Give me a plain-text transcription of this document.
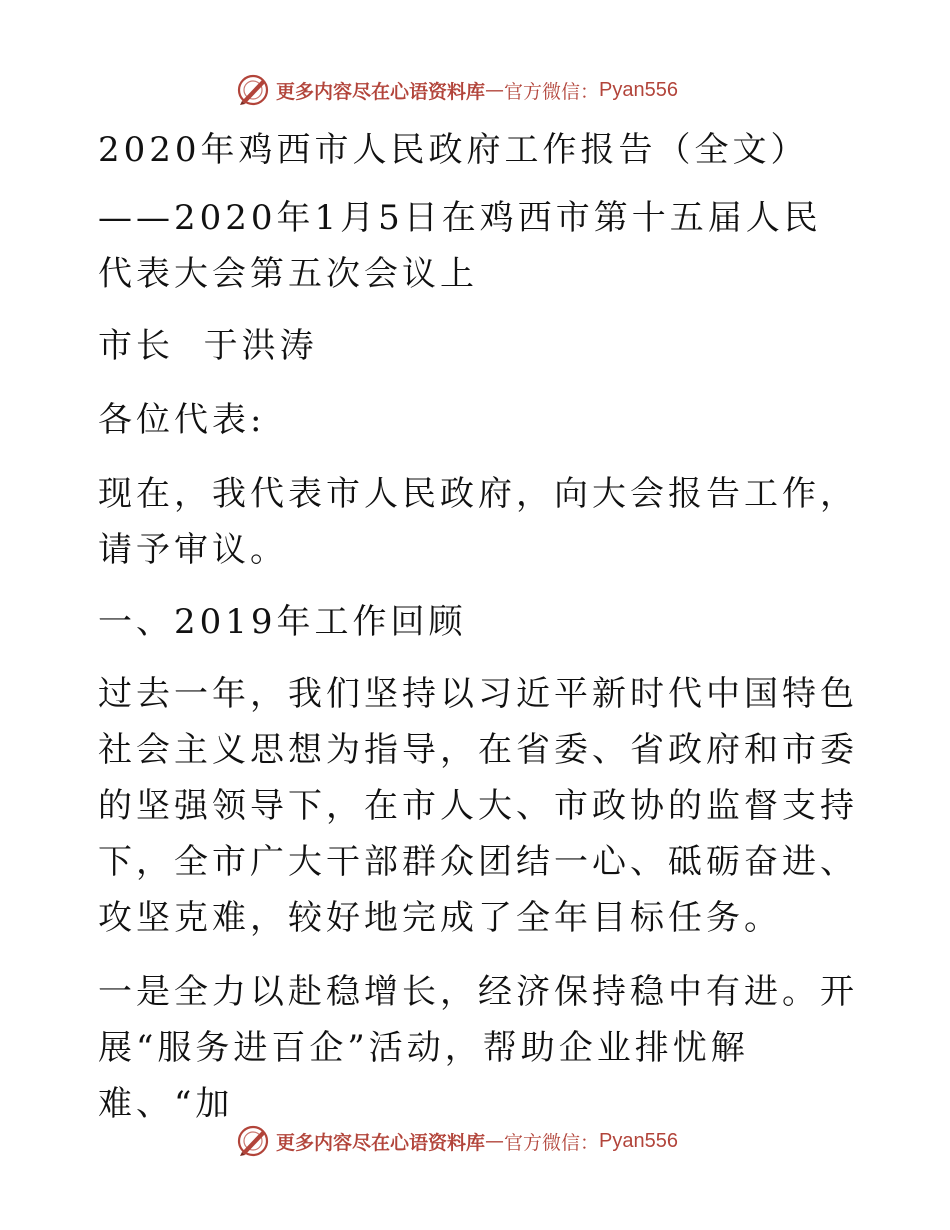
更多内容尽在心语资料库 — 官方微信： Pyan556

2020年鸡西市人民政府工作报告（全文）

——2020年1月5日在鸡西市第十五届人民代表大会第五次会议上

市长  于洪涛

各位代表:

现在，我代表市人民政府，向大会报告工作，请予审议。

一、2019年工作回顾

过去一年，我们坚持以习近平新时代中国特色社会主义思想为指导，在省委、省政府和市委的坚强领导下，在市人大、市政协的监督支持下，全市广大干部群众团结一心、砥砺奋进、攻坚克难，较好地完成了全年目标任务。

一是全力以赴稳增长，经济保持稳中有进。开展“服务进百企”活动，帮助企业排忧解难、“加

更多内容尽在心语资料库 — 官方微信： Pyan556
